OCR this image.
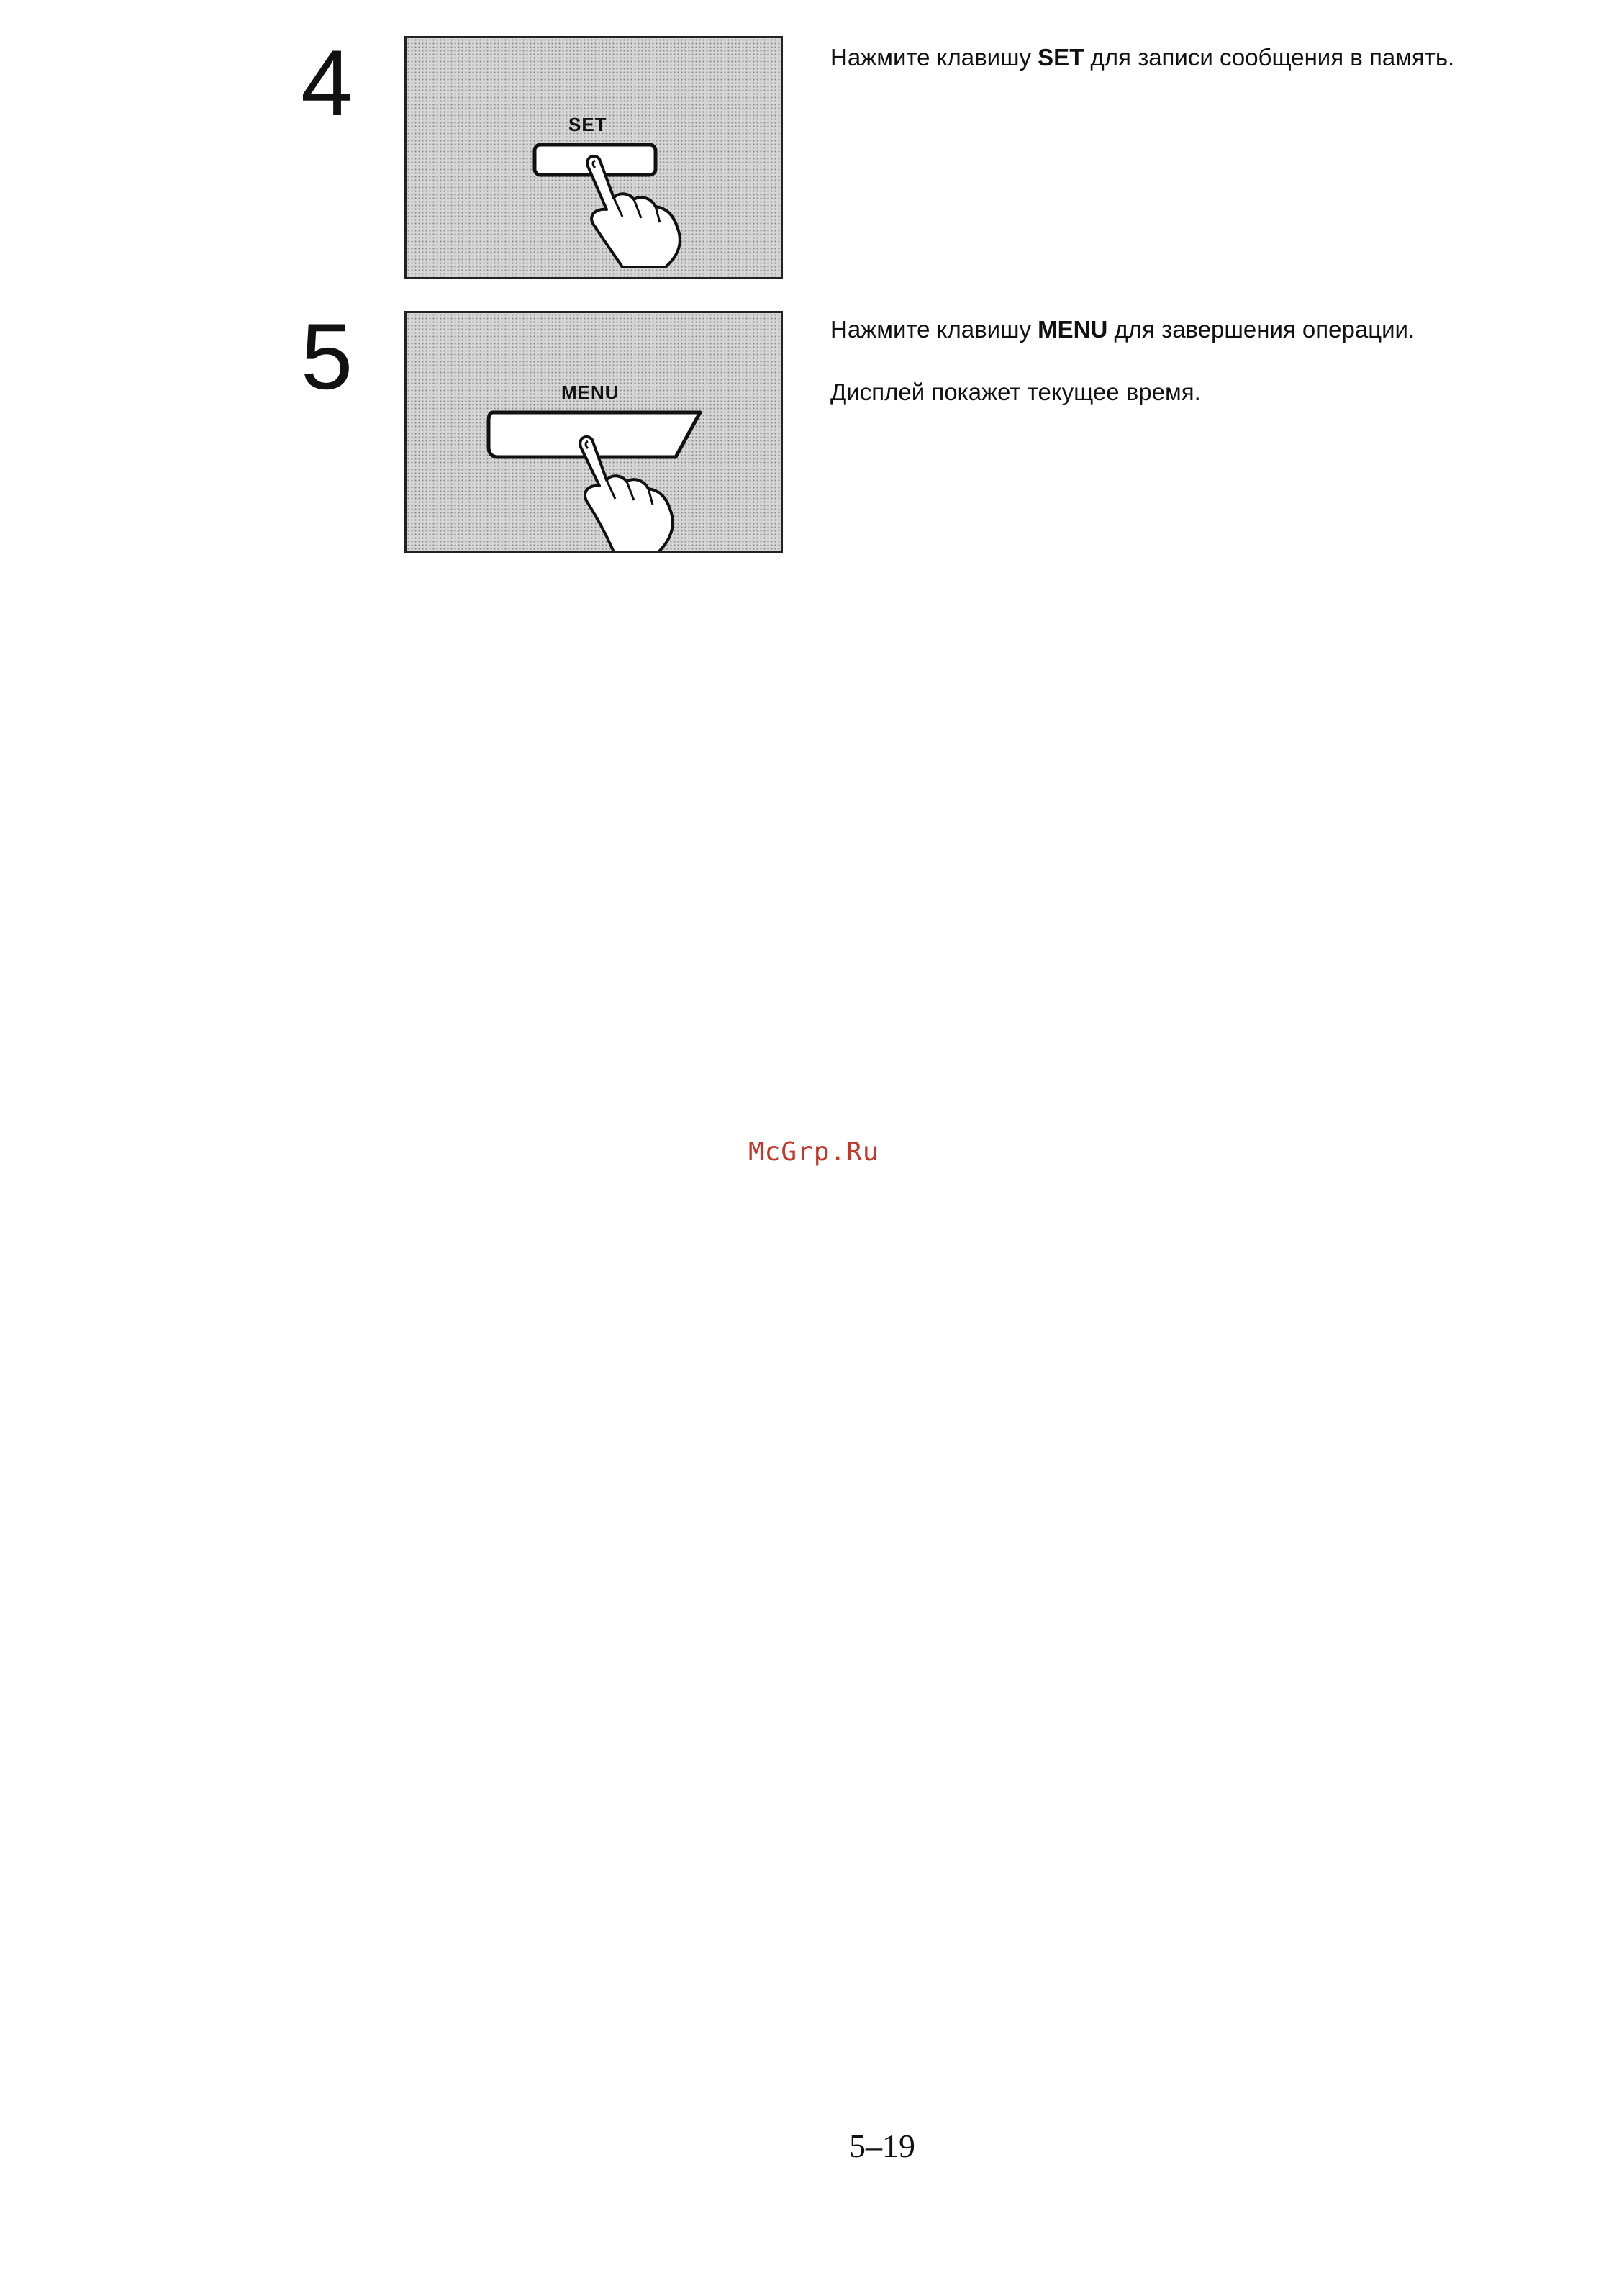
4	SET
Нажмите клавишу SET для записи сообщения в память.
5	MENU
Нажмите клавишу MENU для завершения операции.
Дисплей покажет текущее время.
McGrp.Ru
5–19
